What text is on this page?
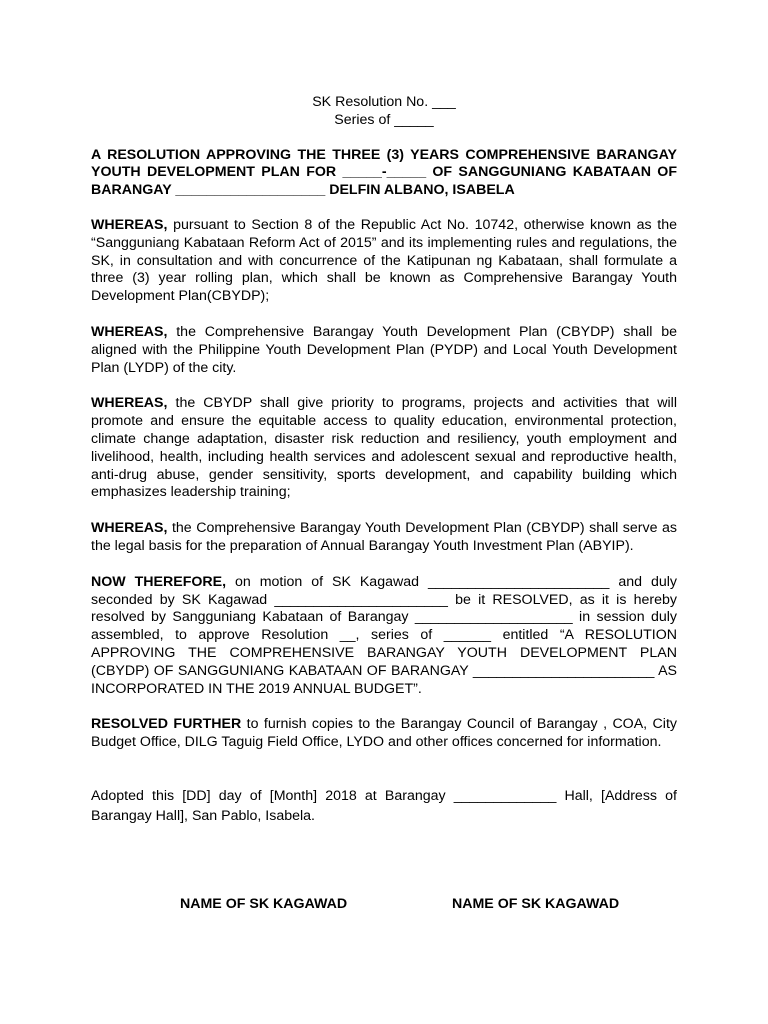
SK Resolution No. ___

Series of _____

A RESOLUTION APPROVING THE THREE (3) YEARS COMPREHENSIVE BARANGAY YOUTH DEVELOPMENT PLAN FOR _____-_____ OF SANGGUNIANG KABATAAN OF BARANGAY ___________________ DELFIN ALBANO, ISABELA

WHEREAS, pursuant to Section 8 of the Republic Act No. 10742, otherwise known as the “Sangguniang Kabataan Reform Act of 2015” and its implementing rules and regulations, the SK, in consultation and with concurrence of the Katipunan ng Kabataan, shall formulate a three (3) year rolling plan, which shall be known as Comprehensive Barangay Youth Development Plan(CBYDP);

WHEREAS, the Comprehensive Barangay Youth Development Plan (CBYDP) shall be aligned with the Philippine Youth Development Plan (PYDP) and Local Youth Development Plan (LYDP) of the city.

WHEREAS, the CBYDP shall give priority to programs, projects and activities that will promote and ensure the equitable access to quality education, environmental protection, climate change adaptation, disaster risk reduction and resiliency, youth employment and livelihood, health, including health services and adolescent sexual and reproductive health, anti-drug abuse, gender sensitivity, sports development, and capability building which emphasizes leadership training;

WHEREAS, the Comprehensive Barangay Youth Development Plan (CBYDP) shall serve as the legal basis for the preparation of Annual Barangay Youth Investment Plan (ABYIP).

NOW THEREFORE, on motion of SK Kagawad _______________________ and duly seconded by SK Kagawad ______________________ be it RESOLVED, as it is hereby resolved by Sangguniang Kabataan of Barangay ____________________ in session duly assembled, to approve Resolution __, series of ______ entitled “A RESOLUTION APPROVING THE COMPREHENSIVE BARANGAY YOUTH DEVELOPMENT PLAN (CBYDP) OF SANGGUNIANG KABATAAN OF BARANGAY _______________________ AS INCORPORATED IN THE 2019 ANNUAL BUDGET”.

RESOLVED FURTHER to furnish copies to the Barangay Council of Barangay , COA, City Budget Office, DILG Taguig Field Office, LYDO and other offices concerned for information.

Adopted this [DD] day of [Month] 2018 at Barangay _____________ Hall, [Address of Barangay Hall], San Pablo, Isabela.

NAME OF SK KAGAWAD	NAME OF SK KAGAWAD
